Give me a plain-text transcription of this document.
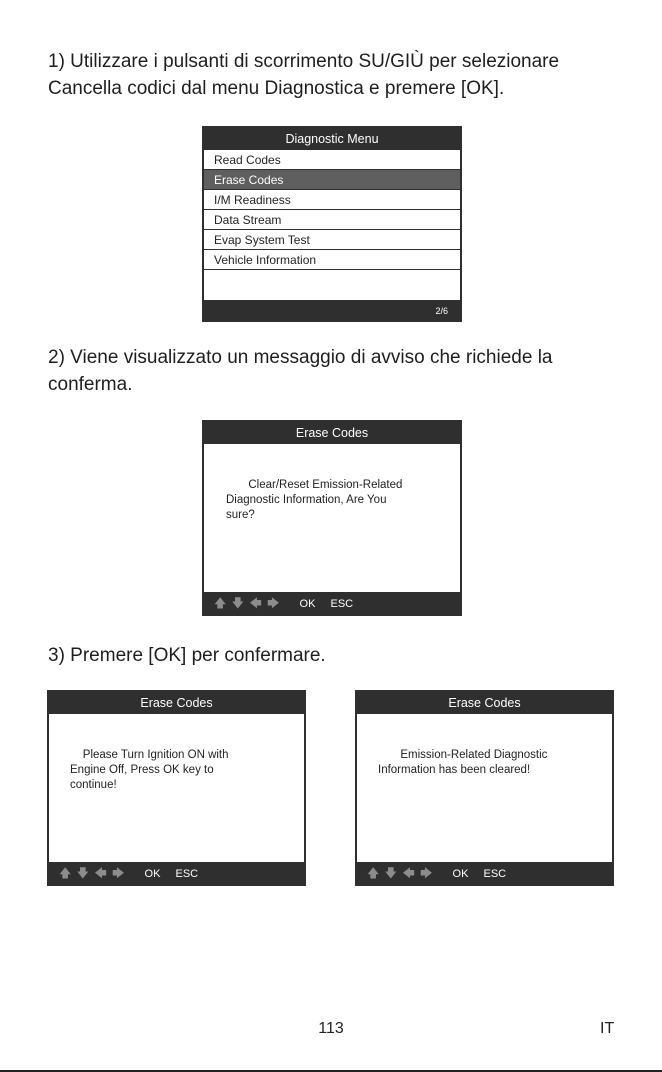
1) Utilizzare i pulsanti di scorrimento SU/GIÙ per selezionare Cancella codici dal menu Diagnostica e premere [OK].

Diagnostic Menu
Read Codes
Erase Codes
I/M Readiness
Data Stream
Evap System Test
Vehicle Information
2/6

2) Viene visualizzato un messaggio di avviso che richiede la conferma.

Erase Codes
Clear/Reset Emission-Related
Diagnostic Information, Are You
sure?
🡅 🡇 🡄 🡆 OK ESC

3) Premere [OK] per confermare.

Erase Codes
Please Turn Ignition ON with
Engine Off, Press OK key to
continue!
🡅 🡇 🡄 🡆 OK ESC
Erase Codes
Emission-Related Diagnostic
Information has been cleared!
🡅 🡇 🡄 🡆 OK ESC
113	IT
